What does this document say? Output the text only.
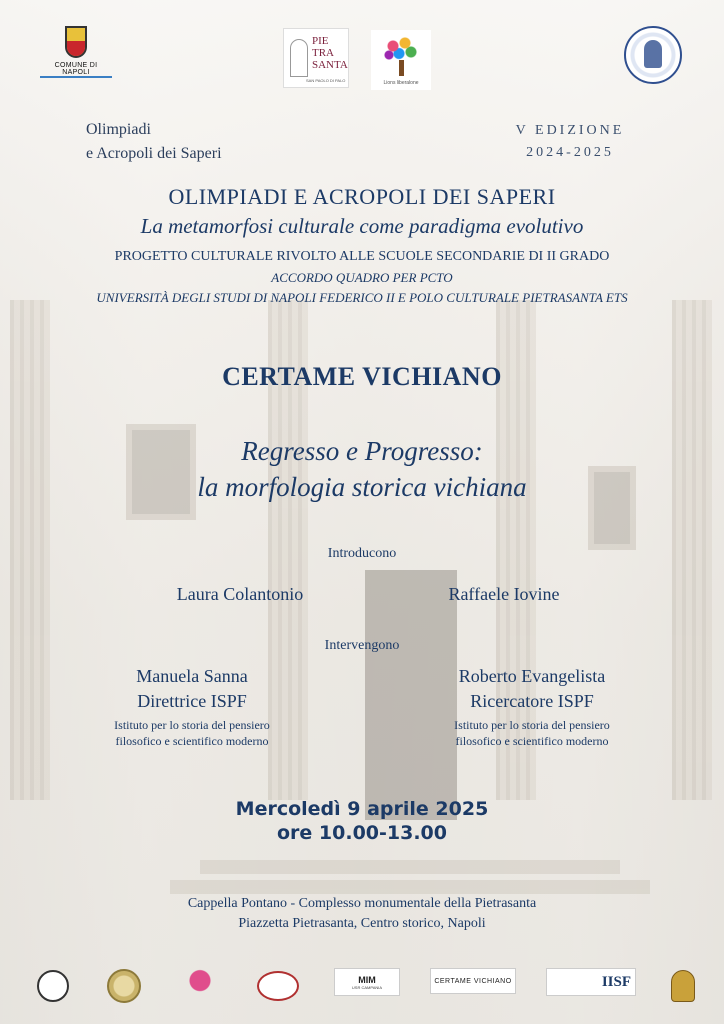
COMUNE DI NAPOLI
PIE TRA SANTA
SAN PAOLO DI PALO	Lions liberalone
Olimpiadi
e Acropoli dei Saperi
V EDIZIONE
2024-2025
OLIMPIADI E ACROPOLI DEI SAPERI
La metamorfosi culturale come paradigma evolutivo
PROGETTO CULTURALE RIVOLTO ALLE SCUOLE SECONDARIE DI II GRADO
ACCORDO QUADRO PER PCTO
UNIVERSITÀ DEGLI STUDI DI NAPOLI FEDERICO II E POLO CULTURALE PIETRASANTA ETS
CERTAME VICHIANO
Regresso e Progresso:
la morfologia storica vichiana
Introducono
Laura Colantonio	Raffaele Iovine
Intervengono
Manuela Sanna
Direttrice ISPF
Istituto per lo storia del pensiero
filosofico e scientifico moderno
Roberto Evangelista
Ricercatore ISPF
Istituto per lo storia del pensiero
filosofico e scientifico moderno
Mercoledì 9 aprile 2025
ore 10.00-13.00
Cappella Pontano - Complesso monumentale della Pietrasanta
Piazzetta Pietrasanta, Centro storico, Napoli
MIM
USR CAMPANIA
CERTAME VICHIANO	IISF
